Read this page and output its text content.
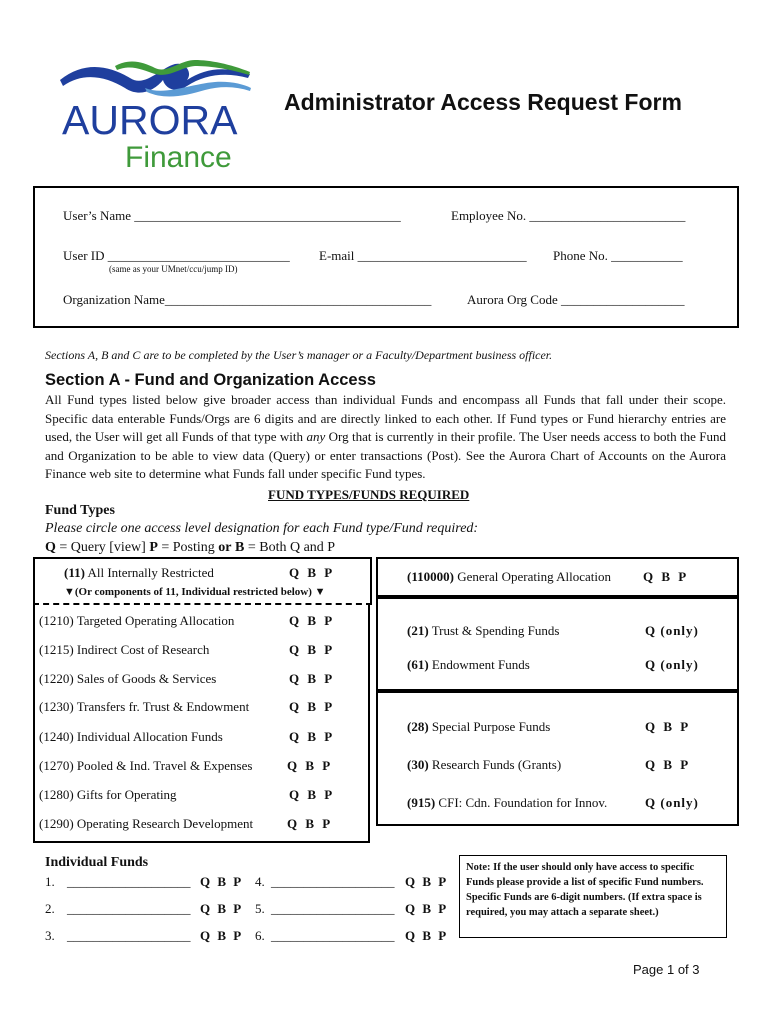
AURORA
Finance
Administrator Access Request Form
User’s Name _________________________________________	Employee No. ________________________
User ID ____________________________
(same as your UMnet/ccu/jump ID)
E-mail __________________________ Phone No. ___________
Organization Name_________________________________________	Aurora Org Code ___________________
Sections A, B and C are to be completed by the User’s manager or a Faculty/Department business officer.
Section A - Fund and Organization Access
All Fund types listed below give broader access than individual Funds and encompass all Funds that fall under their scope. Specific data enterable Funds/Orgs are 6 digits and are directly linked to each other. If Fund types or Fund hierarchy entries are used, the User will get all Funds of that type with any Org that is currently in their profile. The User needs access to both the Fund and Organization to be able to view data (Query) or enter transactions (Post). See the Aurora Chart of Accounts on the Aurora Finance web site to determine what Funds fall under specific Fund types.
FUND TYPES/FUNDS REQUIRED
Fund Types
Please circle one access level designation for each Fund type/Fund required:
Q = Query [view] P = Posting or B = Both Q and P
(11) All Internally Restricted	Q B P
▼(Or components of 11, Individual restricted below) ▼
(1210) Targeted Operating Allocation	Q B P
(1215) Indirect Cost of Research	Q B P
(1220) Sales of Goods & Services	Q B P
(1230) Transfers fr. Trust & Endowment	Q B P
(1240) Individual Allocation Funds	Q B P
(1270) Pooled & Ind. Travel & Expenses	Q B P
(1280) Gifts for Operating	Q B P
(1290) Operating Research Development	Q B P
(110000) General Operating Allocation Q B P
(21) Trust & Spending Funds	Q (only)
(61) Endowment Funds	Q (only)
(28) Special Purpose Funds	Q B P
(30) Research Funds (Grants)	Q B P
(915) CFI: Cdn. Foundation for Innov.	Q (only)
Individual Funds
1. ___________________ Q B P 4. ___________________ Q B P
2. ___________________ Q B P 5. ___________________ Q B P
3. ___________________ Q B P 6. ___________________ Q B P
Note: If the user should only have access to specific Funds please provide a list of specific Fund numbers. Specific Funds are 6-digit numbers. (If extra space is required, you may attach a separate sheet.)
Page 1 of 3
